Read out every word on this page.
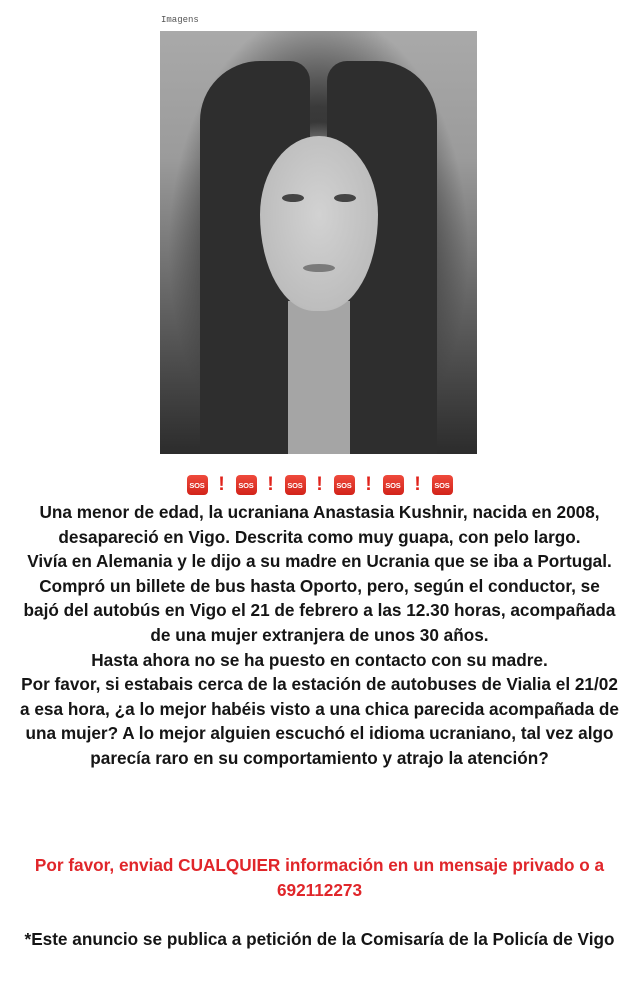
Imagens
SOS !	SOS !	SOS !	SOS !	SOS !	SOS

Una menor de edad, la ucraniana Anastasia Kushnir, nacida en 2008, desapareció en Vigo. Descrita como muy guapa, con pelo largo.

Vivía en Alemania y le dijo a su madre en Ucrania que se iba a Portugal. Compró un billete de bus hasta Oporto, pero, según el conductor, se bajó del autobús en Vigo el 21 de febrero a las 12.30 horas, acompañada de una mujer extranjera de unos 30 años.

Hasta ahora no se ha puesto en contacto con su madre.

Por favor, si estabais cerca de la estación de autobuses de Vialia el 21/02 a esa hora, ¿a lo mejor habéis visto a una chica parecida acompañada de una mujer? A lo mejor alguien escuchó el idioma ucraniano, tal vez algo parecía raro en su comportamiento y atrajo la atención?

Por favor, enviad CUALQUIER información en un mensaje privado o a 692112273
*Este anuncio se publica a petición de la Comisaría de la Policía de Vigo
